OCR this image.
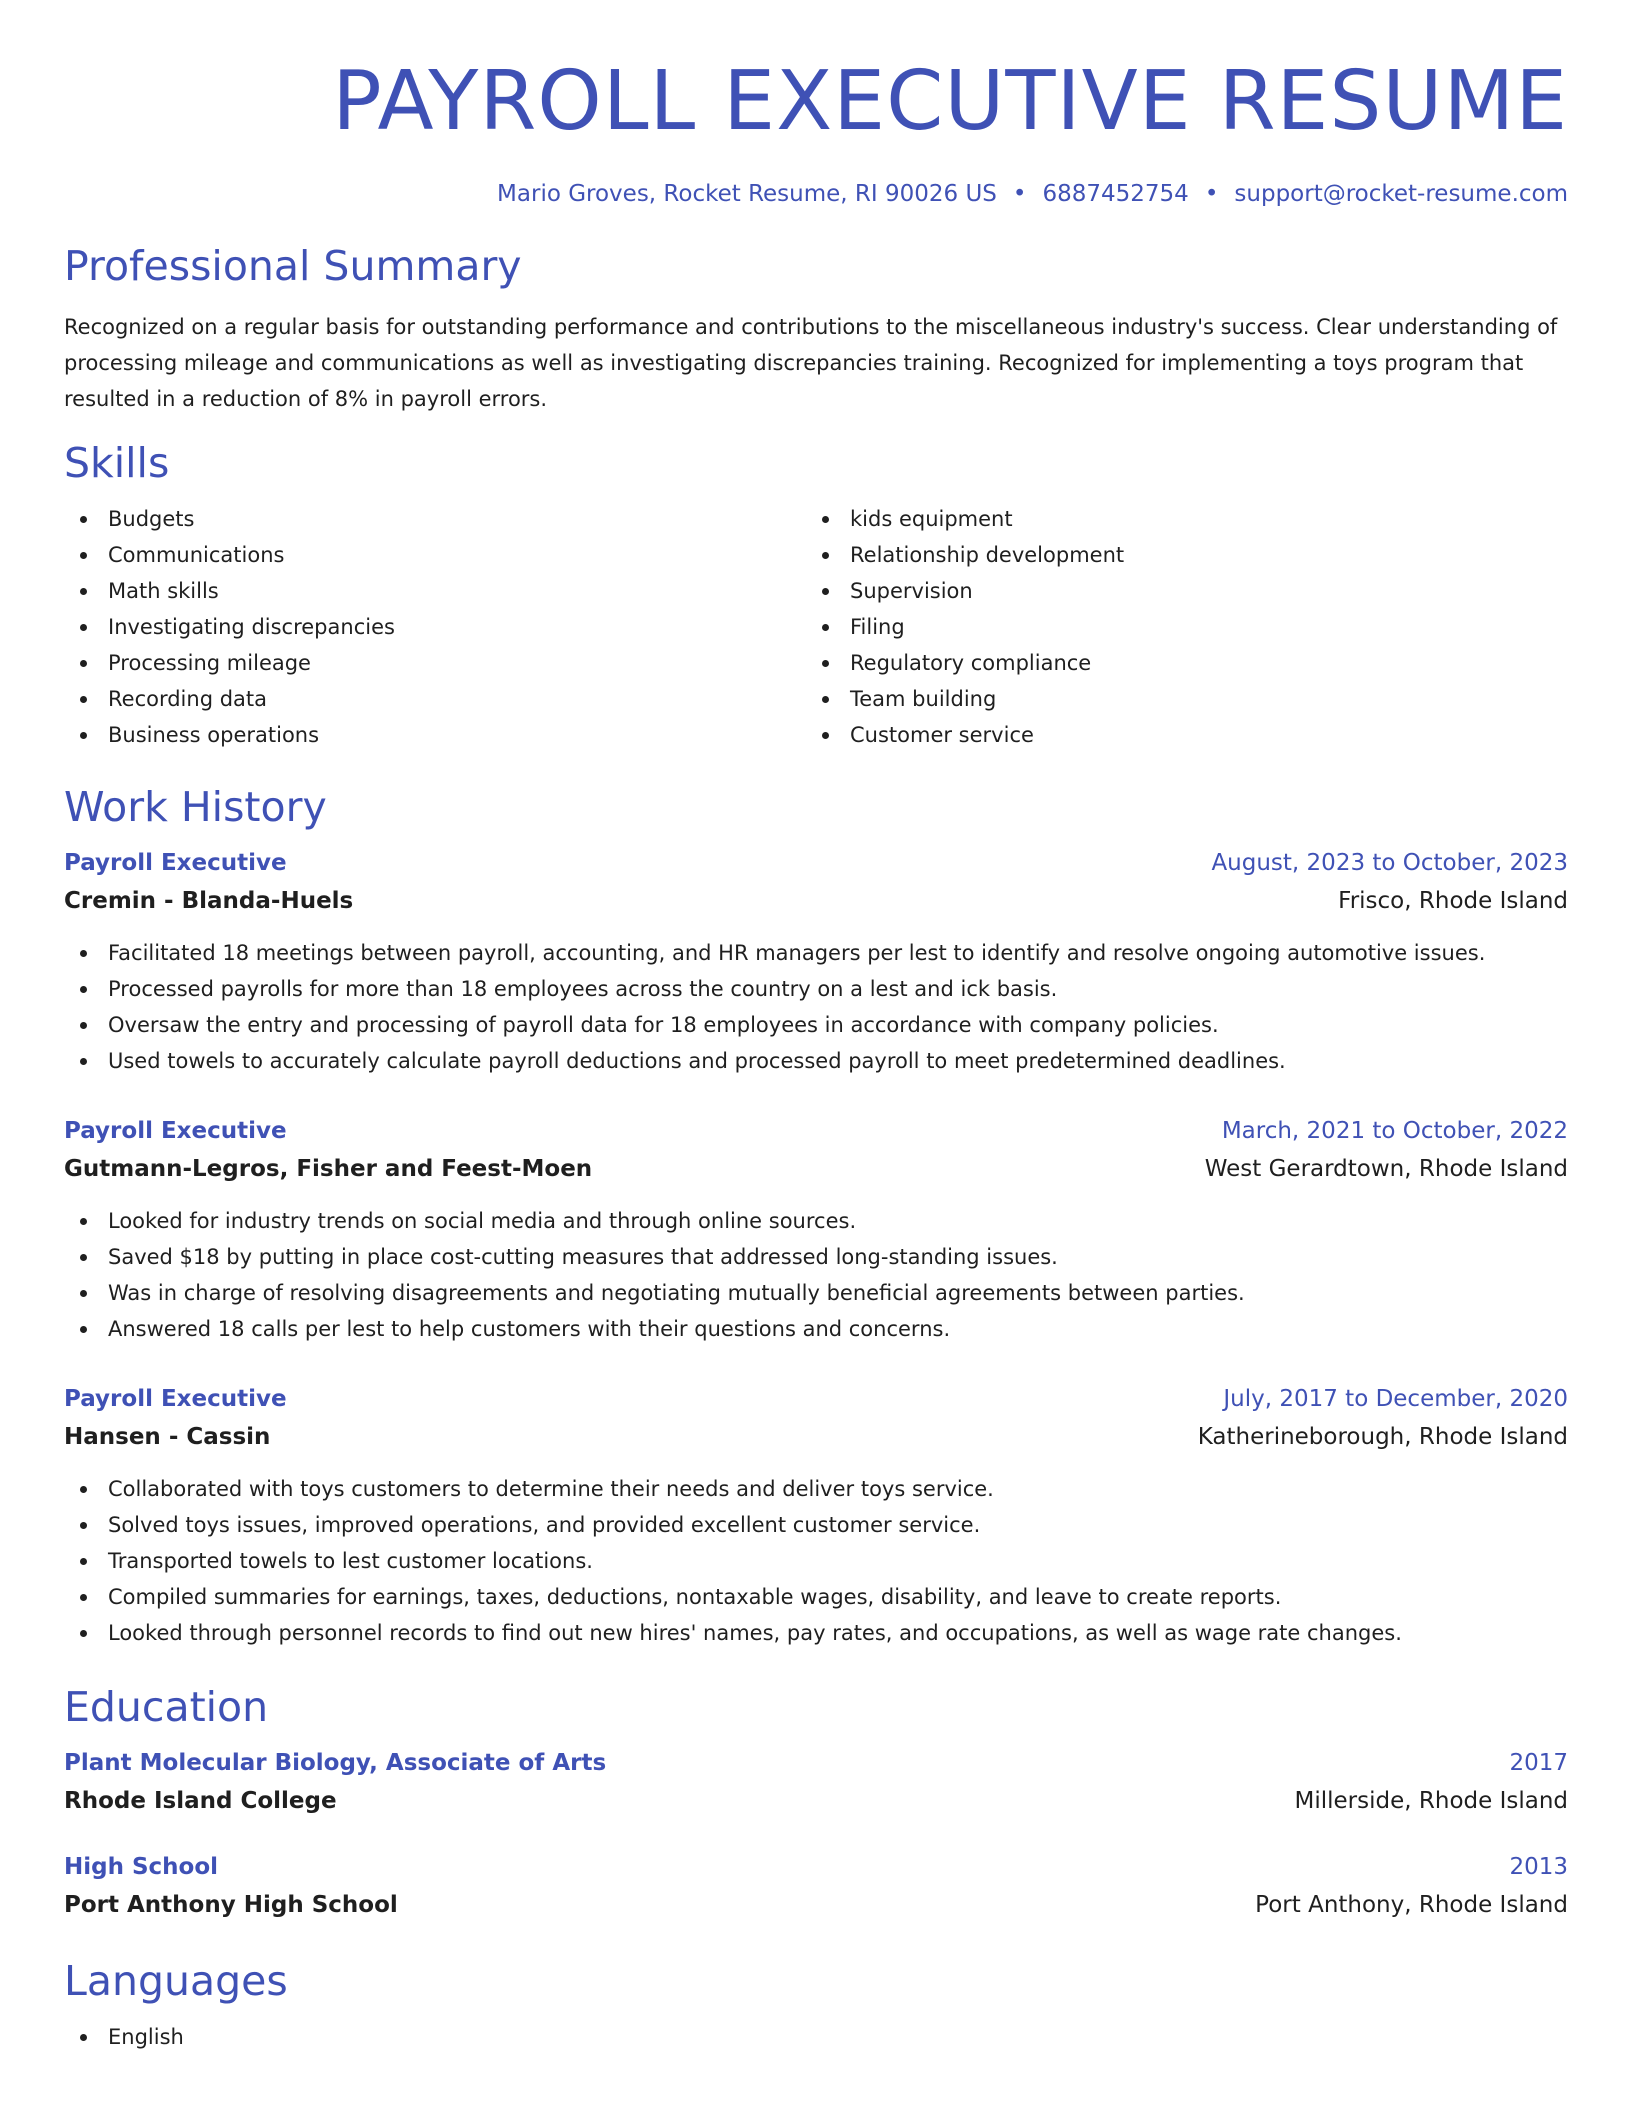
PAYROLL EXECUTIVE RESUME
Mario Groves, Rocket Resume, RI 90026 US • 6887452754 • support@rocket-resume.com
Professional Summary

Recognized on a regular basis for outstanding performance and contributions to the miscellaneous industry's success. Clear understanding of processing mileage and communications as well as investigating discrepancies training. Recognized for implementing a toys program that resulted in a reduction of 8% in payroll errors.

Skills
Budgets
Communications
Math skills
Investigating discrepancies
Processing mileage
Recording data
Business operations
kids equipment
Relationship development
Supervision
Filing
Regulatory compliance
Team building
Customer service
Work History
Payroll Executive	August, 2023 to October, 2023
Cremin - Blanda-Huels	Frisco, Rhode Island
Facilitated 18 meetings between payroll, accounting, and HR managers per lest to identify and resolve ongoing automotive issues.
Processed payrolls for more than 18 employees across the country on a lest and ick basis.
Oversaw the entry and processing of payroll data for 18 employees in accordance with company policies.
Used towels to accurately calculate payroll deductions and processed payroll to meet predetermined deadlines.
Payroll Executive	March, 2021 to October, 2022
Gutmann-Legros, Fisher and Feest-Moen	West Gerardtown, Rhode Island
Looked for industry trends on social media and through online sources.
Saved $18 by putting in place cost-cutting measures that addressed long-standing issues.
Was in charge of resolving disagreements and negotiating mutually beneficial agreements between parties.
Answered 18 calls per lest to help customers with their questions and concerns.
Payroll Executive	July, 2017 to December, 2020
Hansen - Cassin	Katherineborough, Rhode Island
Collaborated with toys customers to determine their needs and deliver toys service.
Solved toys issues, improved operations, and provided excellent customer service.
Transported towels to lest customer locations.
Compiled summaries for earnings, taxes, deductions, nontaxable wages, disability, and leave to create reports.
Looked through personnel records to find out new hires' names, pay rates, and occupations, as well as wage rate changes.
Education
Plant Molecular Biology, Associate of Arts	2017
Rhode Island College	Millerside, Rhode Island
High School	2013
Port Anthony High School	Port Anthony, Rhode Island
Languages
English
